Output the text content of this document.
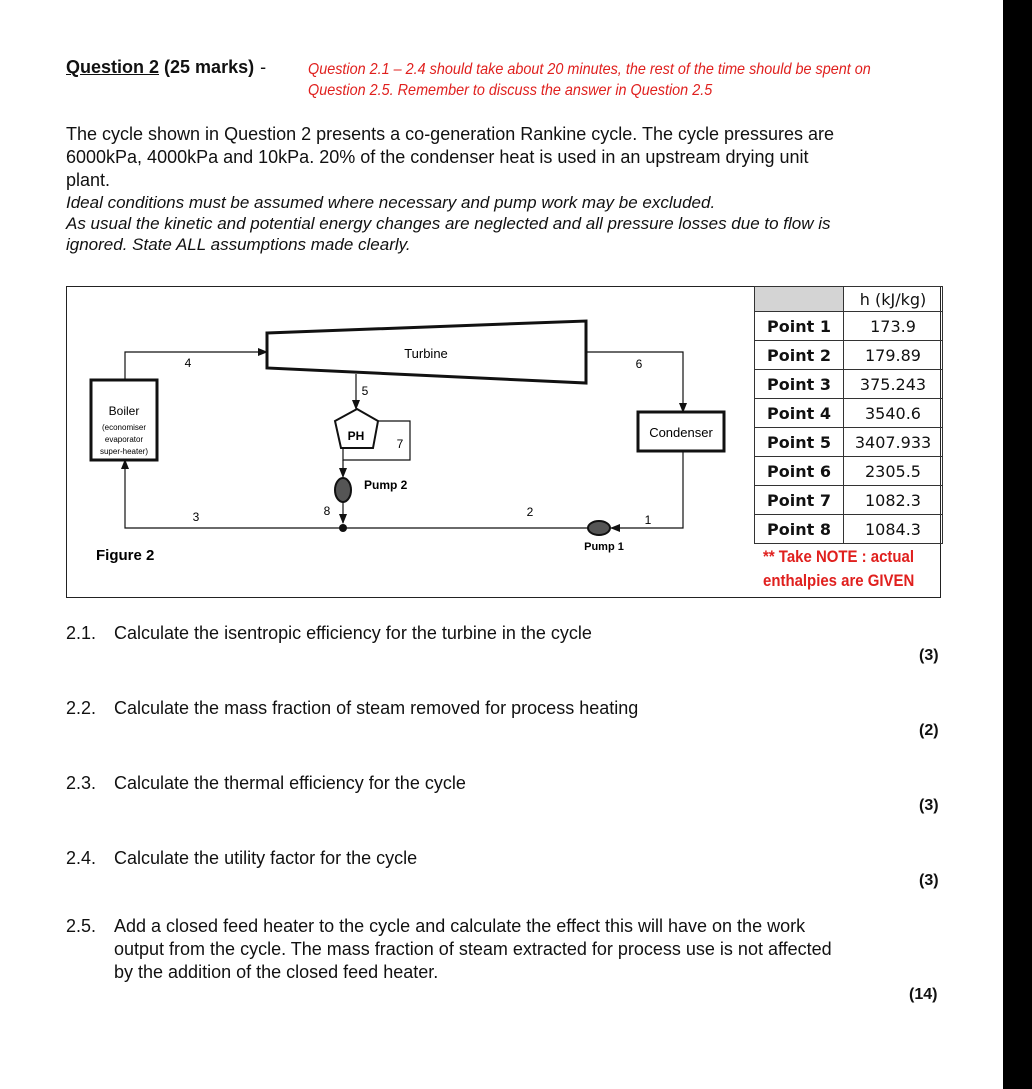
Question 2 (25 marks) -	Question 2.1 – 2.4 should take about 20 minutes, the rest of the time should be spent on
Question 2.5. Remember to discuss the answer in Question 2.5
The cycle shown in Question 2 presents a co-generation Rankine cycle. The cycle pressures are
6000kPa, 4000kPa and 10kPa. 20% of the condenser heat is used in an upstream drying unit
plant.
Ideal conditions must be assumed where necessary and pump work may be excluded.
As usual the kinetic and potential energy changes are neglected and all pressure losses due to flow is
ignored. State ALL assumptions made clearly.
Turbine
Boiler
(economiser
evaporator
super-heater)
Condenser
PH
Pump 2
Pump 1
4
5
6
7
8
3	2
1
Figure 2
	h (kJ/kg)
Point 1	173.9
Point 2	179.89
Point 3	375.243
Point 4	3540.6
Point 5	3407.933
Point 6	2305.5
Point 7	1082.3
Point 8	1084.3
** Take NOTE : actual
enthalpies are GIVEN
2.1. Calculate the isentropic efficiency for the turbine in the cycle
(3)
2.2. Calculate the mass fraction of steam removed for process heating
(2)
2.3. Calculate the thermal efficiency for the cycle
(3)
2.4. Calculate the utility factor for the cycle
(3)
2.5. Add a closed feed heater to the cycle and calculate the effect this will have on the work
output from the cycle. The mass fraction of steam extracted for process use is not affected
by the addition of the closed feed heater.
(14)
